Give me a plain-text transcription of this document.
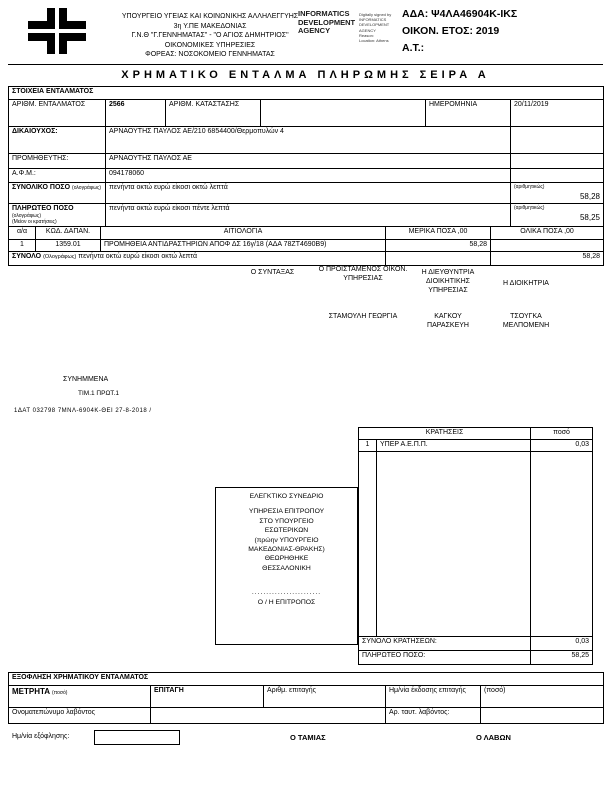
ΥΠΟΥΡΓΕΙΟ ΥΓΕΙΑΣ ΚΑΙ ΚΟΙΝΩΝΙΚΗΣ ΑΛΛΗΛΕΓΓΥΗΣ
3η Υ.ΠΕ ΜΑΚΕΔΟΝΙΑΣ
Γ.Ν.Θ "Γ.ΓΕΝΝΗΜΑΤΑΣ" - "Ο ΑΓΙΟΣ ΔΗΜΗΤΡΙΟΣ"
ΟΙΚΟΝΟΜΙΚΕΣ ΥΠΗΡΕΣΙΕΣ
ΦΟΡΕΑΣ: ΝΟΣΟΚΟΜΕΙΟ ΓΕΝΝΗΜΑΤΑΣ
INFORMATICS DEVELOPMENT AGENCY
Digitally signed by
INFORMATICS
DEVELOPMENT AGENCY
Reason:
Location: Athens
ΑΔΑ: Ψ4ΛΑ46904Κ-ΙΚΣ
ΟΙΚΟΝ. ΕΤΟΣ: 2019
Α.Τ.:
ΧΡΗΜΑΤΙΚΟ ΕΝΤΑΛΜΑ ΠΛΗΡΩΜΗΣ ΣΕΙΡΑ Α
ΣΤΟΙΧΕΙΑ ΕΝΤΑΛΜΑΤΟΣ					
ΑΡΙΘΜ. ΕΝΤΑΛΜΑΤΟΣ	2566	ΑΡΙΘΜ. ΚΑΤΑΣΤΑΣΗΣ		ΗΜΕΡΟΜΗΝΙΑ	20/11/2019
ΔΙΚΑΙΟΥΧΟΣ:	ΑΡΝΑΟΥΤΗΣ ΠΑΥΛΟΣ ΑΕ/210 6854400/Θερμοπυλών 4				
ΠΡΟΜΗΘΕΥΤΗΣ:	ΑΡΝΑΟΥΤΗΣ ΠΑΥΛΟΣ ΑΕ				
Α.Φ.Μ.:	094178060				
ΣΥΝΟΛΙΚΟ ΠΟΣΟ (ολογράφως)	πενήντα οκτώ ευρώ είκοσι οκτώ λεπτά				(αριθμητικώς)
58,28

ΠΛΗΡΩΤΕΟ ΠΟΣΟ (ολογράφως)
(Μείον οι κρατήσεις)
	πενήντα οκτώ ευρώ είκοσι πέντε λεπτά	(αριθμητικώς)
58,25
α/α	ΚΩΔ. ΔΑΠΑΝ.	ΑΙΤΙΟΛΟΓΙΑ	ΜΕΡΙΚΑ ΠΟΣΑ ,00	ΟΛΙΚΑ ΠΟΣΑ ,00
1	1359.01	ΠΡΟΜΗΘΕΙΑ ΑΝΤΙΔΡΑΣΤΗΡΙΩΝ ΑΠΟΦ ΔΣ 16γ/18 (ΑΔΑ 78ΖΤ4690Β9)	58,28	
ΣΥΝΟΛΟ (Ολογράφως) πενήντα οκτώ ευρώ είκοσι οκτώ λεπτά				58,28
Ο ΣΥΝΤΑΞΑΣ	Ο ΠΡΟΙΣΤΑΜΕΝΟΣ ΟΙΚΟΝ. ΥΠΗΡΕΣΙΑΣ
Η ΔΙΕΥΘΥΝΤΡΙΑ ΔΙΟΙΚΗΤΙΚΗΣ ΥΠΗΡΕΣΙΑΣ
Η ΔΙΟΙΚΗΤΡΙΑ
ΣΤΑΜΟΥΛΗ ΓΕΩΡΓΙΑ	ΚΑΓΚΟΥ ΠΑΡΑΣΚΕΥΗ
ΤΣΟΥΓΚΑ ΜΕΛΠΟΜΕΝΗ
ΣΥΝΗΜΜΕΝΑ
ΤΙΜ.1 ΠΡΩΤ.1
1ΔΑΤ 032798 7ΜΝΛ-6904Κ-ΘΕΙ 27-8-2018 /
ΚΡΑΤΗΣΕΙΣ		ποσό
1	ΥΠΕΡ Α.Ε.Π.Π.	0,03

ΣΥΝΟΛΟ ΚΡΑΤΗΣΕΩΝ:		0,03
ΠΛΗΡΩΤΕΟ ΠΟΣΟ:		58,25
ΕΛΕΓΚΤΙΚΟ ΣΥΝΕΔΡΙΟ
ΥΠΗΡΕΣΙΑ ΕΠΙΤΡΟΠΟΥ
ΣΤΟ ΥΠΟΥΡΓΕΙΟ
ΕΣΩΤΕΡΙΚΩΝ
(πρώην ΥΠΟΥΡΓΕΙΟ
ΜΑΚΕΔΟΝΙΑΣ-ΘΡΑΚΗΣ)
ΘΕΩΡΗΘΗΚΕ
ΘΕΣΣΑΛΟΝΙΚΗ
........................
Ο / Η ΕΠΙΤΡΟΠΟΣ
ΕΞΟΦΛΗΣΗ ΧΡΗΜΑΤΙΚΟΥ ΕΝΤΑΛΜΑΤΟΣ				
ΜΕΤΡΗΤΑ (ποσό)	ΕΠΙΤΑΓΗ	Αριθμ. επιταγής	Ημ/νία έκδοσης επιταγής	(ποσό)
Ονοματεπώνυμο λαβόντος			Αρ. ταυτ. λαβόντος:	
Ημ/νία εξόφλησης:	Ο ΤΑΜΙΑΣ	Ο ΛΑΒΩΝ
